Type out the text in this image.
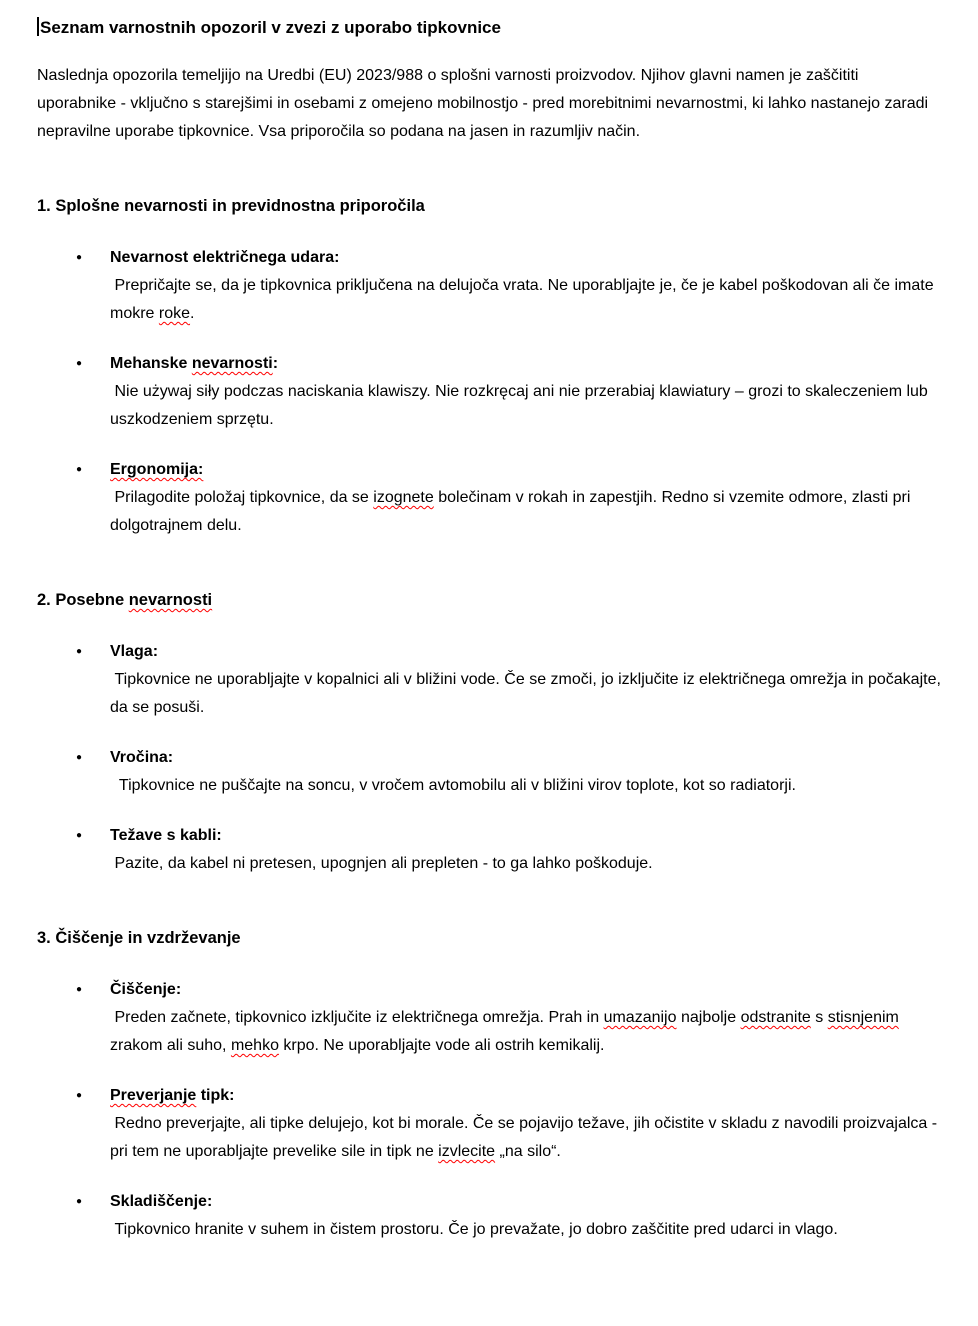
Seznam varnostnih opozoril v zvezi z uporabo tipkovnice

Naslednja opozorila temeljijo na Uredbi (EU) 2023/988 o splošni varnosti proizvodov. Njihov glavni namen je zaščititi uporabnike - vključno s starejšimi in osebami z omejeno mobilnostjo - pred morebitnimi nevarnostmi, ki lahko nastanejo zaradi nepravilne uporabe tipkovnice. Vsa priporočila so podana na jasen in razumljiv način.

1. Splošne nevarnosti in previdnostna priporočila
●	Nevarnost električnega udara:
Prepričajte se, da je tipkovnica priključena na delujoča vrata. Ne uporabljajte je, če je kabel poškodovan ali če imate mokre roke.
●	Mehanske nevarnosti:
Nie używaj siły podczas naciskania klawiszy. Nie rozkręcaj ani nie przerabiaj klawiatury – grozi to skaleczeniem lub uszkodzeniem sprzętu.
●	Ergonomija:
Prilagodite položaj tipkovnice, da se izognete bolečinam v rokah in zapestjih. Redno si vzemite odmore, zlasti pri dolgotrajnem delu.
2. Posebne nevarnosti
●	Vlaga:
Tipkovnice ne uporabljajte v kopalnici ali v bližini vode. Če se zmoči, jo izključite iz električnega omrežja in počakajte, da se posuši.
●	Vročina:
Tipkovnice ne puščajte na soncu, v vročem avtomobilu ali v bližini virov toplote, kot so radiatorji.
●	Težave s kabli:
Pazite, da kabel ni pretesen, upognjen ali prepleten - to ga lahko poškoduje.
3. Čiščenje in vzdrževanje
●	Čiščenje:
Preden začnete, tipkovnico izključite iz električnega omrežja. Prah in umazanijo najbolje odstranite s stisnjenim zrakom ali suho, mehko krpo. Ne uporabljajte vode ali ostrih kemikalij.
●	Preverjanje tipk:
Redno preverjajte, ali tipke delujejo, kot bi morale. Če se pojavijo težave, jih očistite v skladu z navodili proizvajalca - pri tem ne uporabljajte prevelike sile in tipk ne izvlecite „na silo“.
●	Skladiščenje:
Tipkovnico hranite v suhem in čistem prostoru. Če jo prevažate, jo dobro zaščitite pred udarci in vlago.
